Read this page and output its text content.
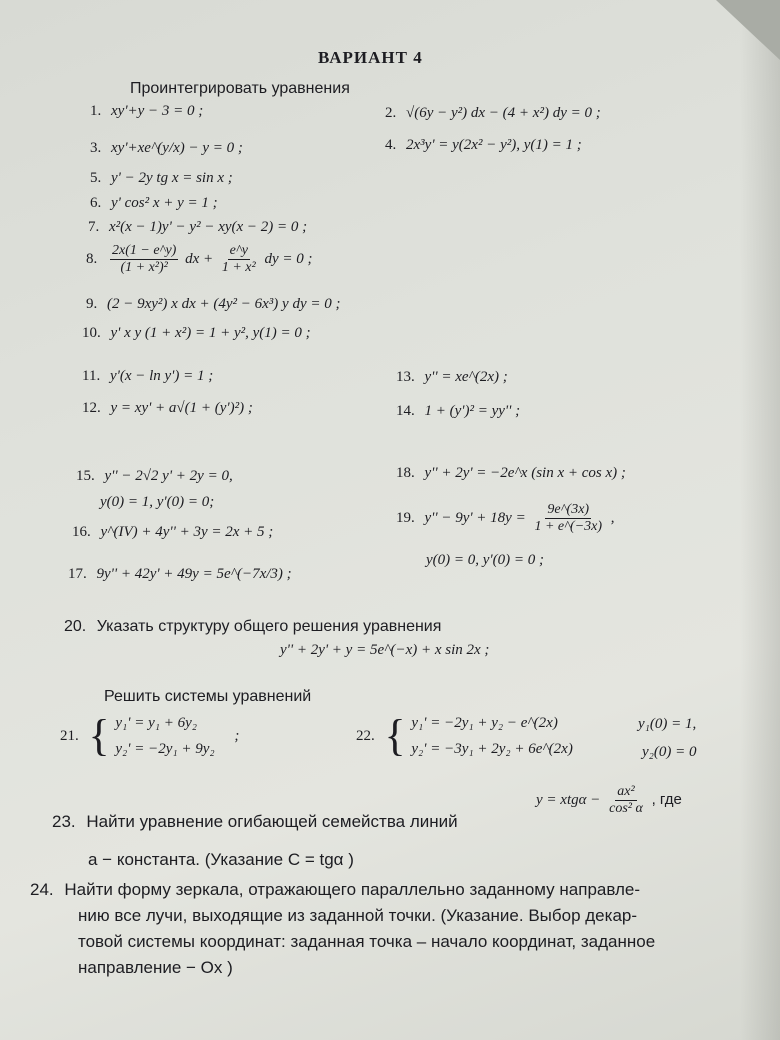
ВАРИАНТ 4
Проинтегрировать уравнения
1. xy'+y − 3 = 0 ;	2. √(6y − y²) dx − (4 + x²) dy = 0 ;
3. xy'+xe^(y/x) − y = 0 ;	4. 2x³y' = y(2x² − y²), y(1) = 1 ;
5. y' − 2y tg x = sin x ;
6. y' cos² x + y = 1 ;
7. x²(x − 1)y' − y² − xy(x − 2) = 0 ;
8. $\frac{2x(1 - e\^{}y)}{\text{(1 + x²)²}}$ dx + $\frac{e\^{}y}{\text{1 + x²}}$ dy = 0 ;
9. (2 − 9xy²) x dx + (4y² − 6x³) y dy = 0 ;
10. y' x y (1 + x²) = 1 + y², y(1) = 0 ;
11. y'(x − ln y') = 1 ;
12. y = xy' + a√(1 + (y')²) ;
13. y'' = xe^(2x) ;
14. 1 + (y')² = yy'' ;
15. y'' − 2√2 y' + 2y = 0,
y(0) = 1, y'(0) = 0;
16. y^(IV) + 4y'' + 3y = 2x + 5 ;
17. 9y'' + 42y' + 49y = 5e^(−7x/3) ;
18. y'' + 2y' = −2e^x (sin x + cos x) ;
19. $y'' - 9y' + 18y = \frac{9e\^{}(3x)}{1 + e\^{}(-3x)}$ ,
y(0) = 0, y'(0) = 0 ;
20. Указать структуру общего решения уравнения
y'' + 2y' + y = 5e^(−x) + x sin 2x ;
Решить системы уравнений
21. { y₁' = y₁ + 6y₂
y₂' = −2y₁ + 9y₂
;	22. { y₁' = −2y₁ + y₂ − e^(2x)
y₂' = −3y₁ + 2y₂ + 6e^(2x)
y₁(0) = 1,
y₂(0) = 0
23. Найти уравнение огибающей семейства линий
$y = xtg\alpha - \frac{\text{ax²}}{\text{cos² α}}$ , где
a − константа. (Указание C = tgα )
24. Найти форму зеркала, отражающего параллельно заданному направле-
нию все лучи, выходящие из заданной точки. (Указание. Выбор декар-
товой системы координат: заданная точка – начало координат, заданное
направление − Ox )
